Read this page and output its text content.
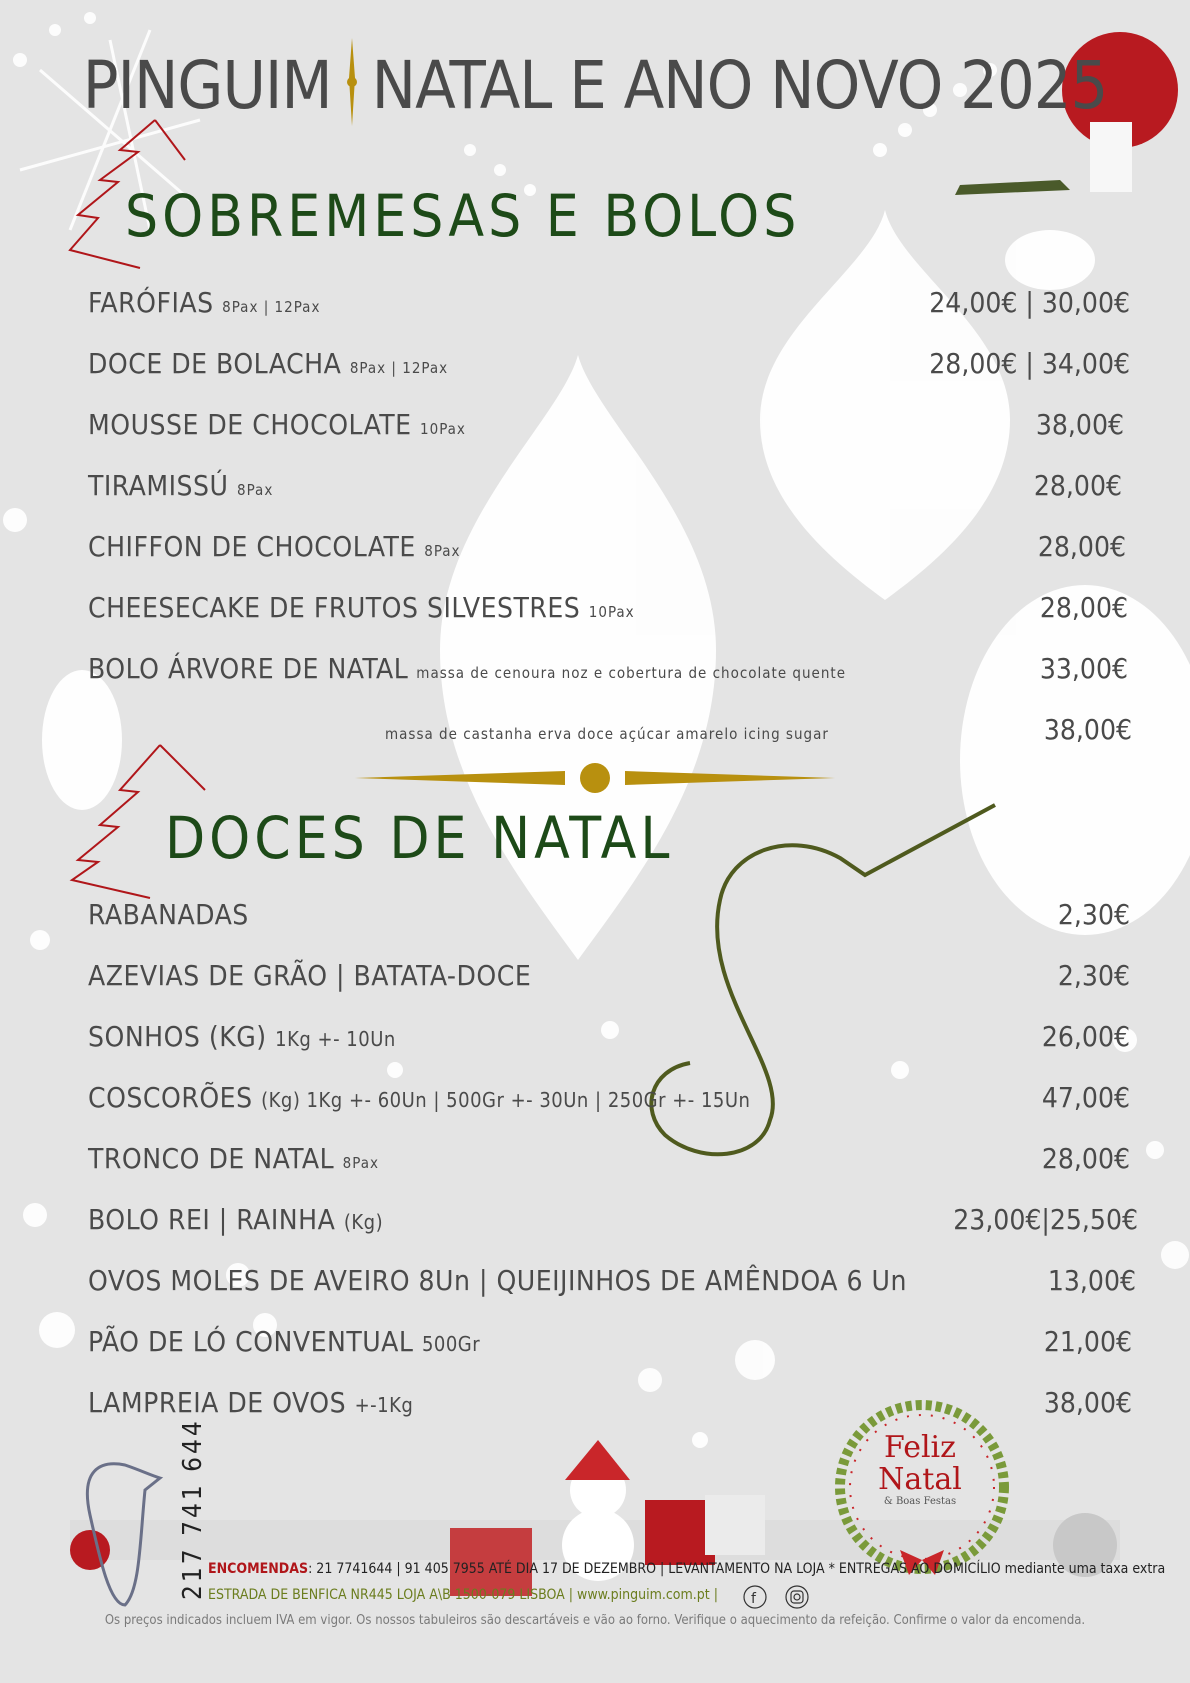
f
PINGUIM NATAL E ANO NOVO 2025
SOBREMESAS E BOLOS
FARÓFIAS 8Pax | 12Pax	24,00€ | 30,00€
DOCE DE BOLACHA 8Pax | 12Pax	28,00€ | 34,00€
MOUSSE DE CHOCOLATE 10Pax	38,00€
TIRAMISSÚ 8Pax	28,00€
CHIFFON DE CHOCOLATE 8Pax	28,00€
CHEESECAKE DE FRUTOS SILVESTRES 10Pax	28,00€
BOLO ÁRVORE DE NATAL massa de cenoura noz e cobertura de chocolate quente	33,00€
massa de castanha erva doce açúcar amarelo icing sugar	38,00€
DOCES DE NATAL
RABANADAS	2,30€
AZEVIAS DE GRÃO | BATATA-DOCE	2,30€
SONHOS (KG) 1Kg +- 10Un	26,00€
COSCORÕES (Kg) 1Kg +- 60Un | 500Gr +- 30Un | 250Gr +- 15Un	47,00€
TRONCO DE NATAL 8Pax	28,00€
BOLO REI | RAINHA (Kg)	23,00€|25,50€
OVOS MOLES DE AVEIRO 8Un | QUEIJINHOS DE AMÊNDOA 6 Un	13,00€
PÃO DE LÓ CONVENTUAL 500Gr	21,00€
LAMPREIA DE OVOS +-1Kg	38,00€
Feliz
Natal
& Boas Festas
217 741 644 ENCOMENDAS: 21 7741644 | 91 405 7955 ATÉ DIA 17 DE DEZEMBRO | LEVANTAMENTO NA LOJA * ENTREGAS AO DOMICÍLIO mediante uma taxa extra
ESTRADA DE BENFICA NR445 LOJA A\B 1500-079 LISBOA | www.pinguim.com.pt |
Os preços indicados incluem IVA em vigor. Os nossos tabuleiros são descartáveis e vão ao forno. Verifique o aquecimento da refeição. Confirme o valor da encomenda.
